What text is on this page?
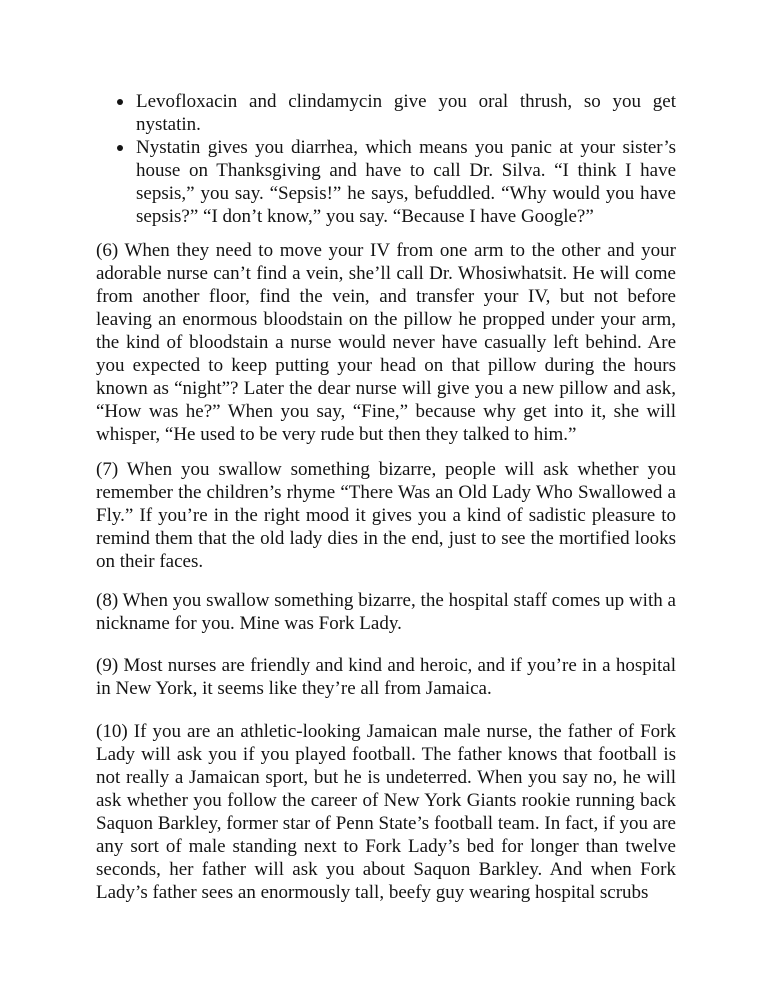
Levofloxacin and clindamycin give you oral thrush, so you get nystatin.
Nystatin gives you diarrhea, which means you panic at your sister’s house on Thanksgiving and have to call Dr. Silva. “I think I have sepsis,” you say. “Sepsis!” he says, befuddled. “Why would you have sepsis?” “I don’t know,” you say. “Because I have Google?”

(6) When they need to move your IV from one arm to the other and your adorable nurse can’t find a vein, she’ll call Dr. Whosiwhatsit. He will come from another floor, find the vein, and transfer your IV, but not before leaving an enormous bloodstain on the pillow he propped under your arm, the kind of bloodstain a nurse would never have casually left behind. Are you expected to keep putting your head on that pillow during the hours known as “night”? Later the dear nurse will give you a new pillow and ask, “How was he?” When you say, “Fine,” because why get into it, she will whisper, “He used to be very rude but then they talked to him.”

(7) When you swallow something bizarre, people will ask whether you remember the children’s rhyme “There Was an Old Lady Who Swallowed a Fly.” If you’re in the right mood it gives you a kind of sadistic pleasure to remind them that the old lady dies in the end, just to see the mortified looks on their faces.

(8) When you swallow something bizarre, the hospital staff comes up with a nickname for you. Mine was Fork Lady.

(9) Most nurses are friendly and kind and heroic, and if you’re in a hospital in New York, it seems like they’re all from Jamaica.

(10) If you are an athletic-looking Jamaican male nurse, the father of Fork Lady will ask you if you played football. The father knows that football is not really a Jamaican sport, but he is undeterred. When you say no, he will ask whether you follow the career of New York Giants rookie running back Saquon Barkley, former star of Penn State’s football team. In fact, if you are any sort of male standing next to Fork Lady’s bed for longer than twelve seconds, her father will ask you about Saquon Barkley. And when Fork Lady’s father sees an enormously tall, beefy guy wearing hospital scrubs
